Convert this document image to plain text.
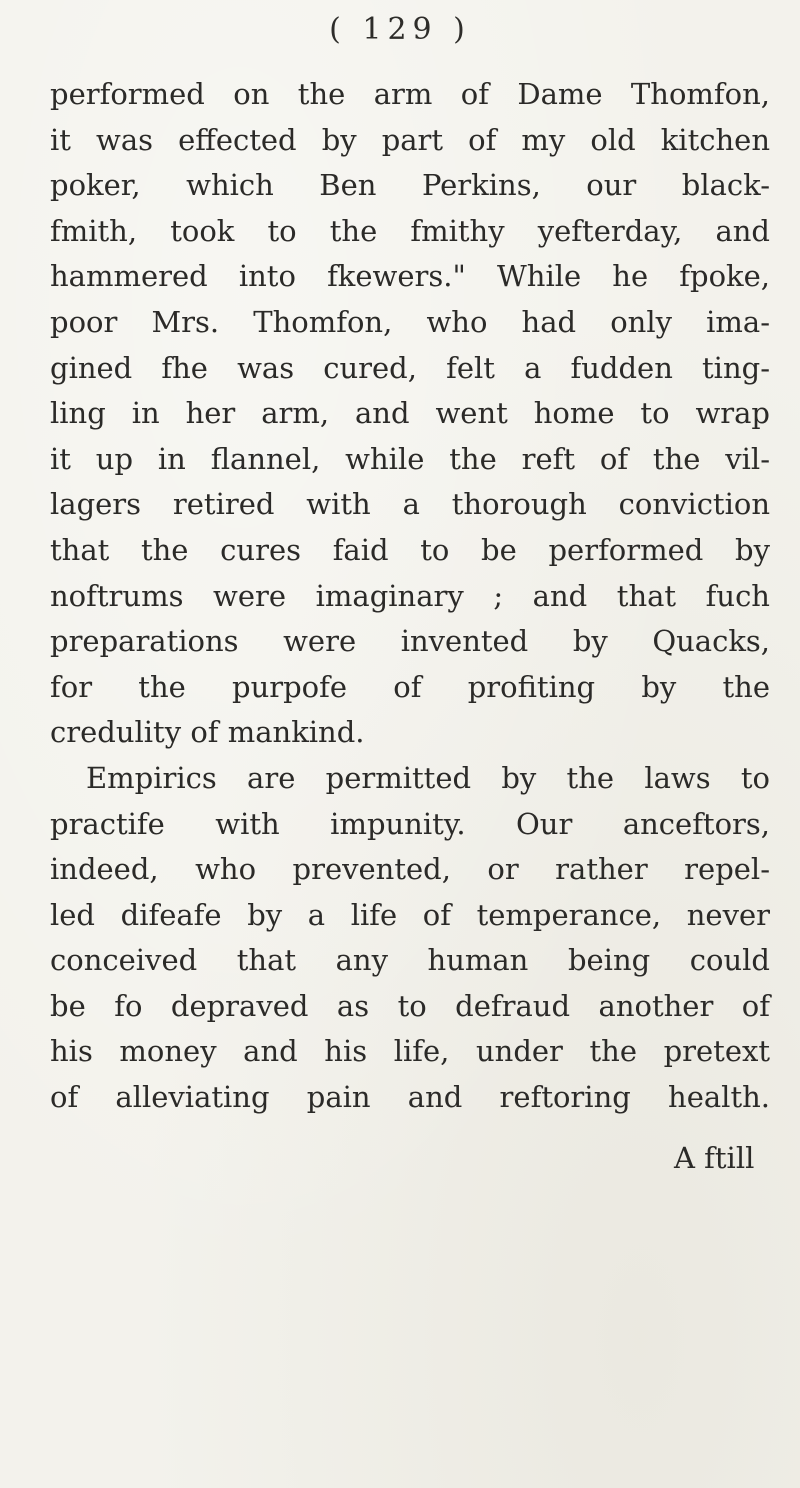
( 129 )
performed on the arm of Dame Thomfon,
it was effected by part of my old kitchen
poker, which Ben Perkins, our black-
fmith, took to the fmithy yefterday, and
hammered into fkewers." While he fpoke,
poor Mrs. Thomfon, who had only ima-
gined fhe was cured, felt a fudden ting-
ling in her arm, and went home to wrap
it up in flannel, while the reft of the vil-
lagers retired with a thorough conviction
that the cures faid to be performed by
noftrums were imaginary ; and that fuch
preparations were invented by Quacks,
for the purpofe of profiting by the
credulity of mankind.
Empirics are permitted by the laws to
practife with impunity. Our anceftors,
indeed, who prevented, or rather repel-
led difeafe by a life of temperance, never
conceived that any human being could
be fo depraved as to defraud another of
his money and his life, under the pretext
of alleviating pain and reftoring health.
A ftill
